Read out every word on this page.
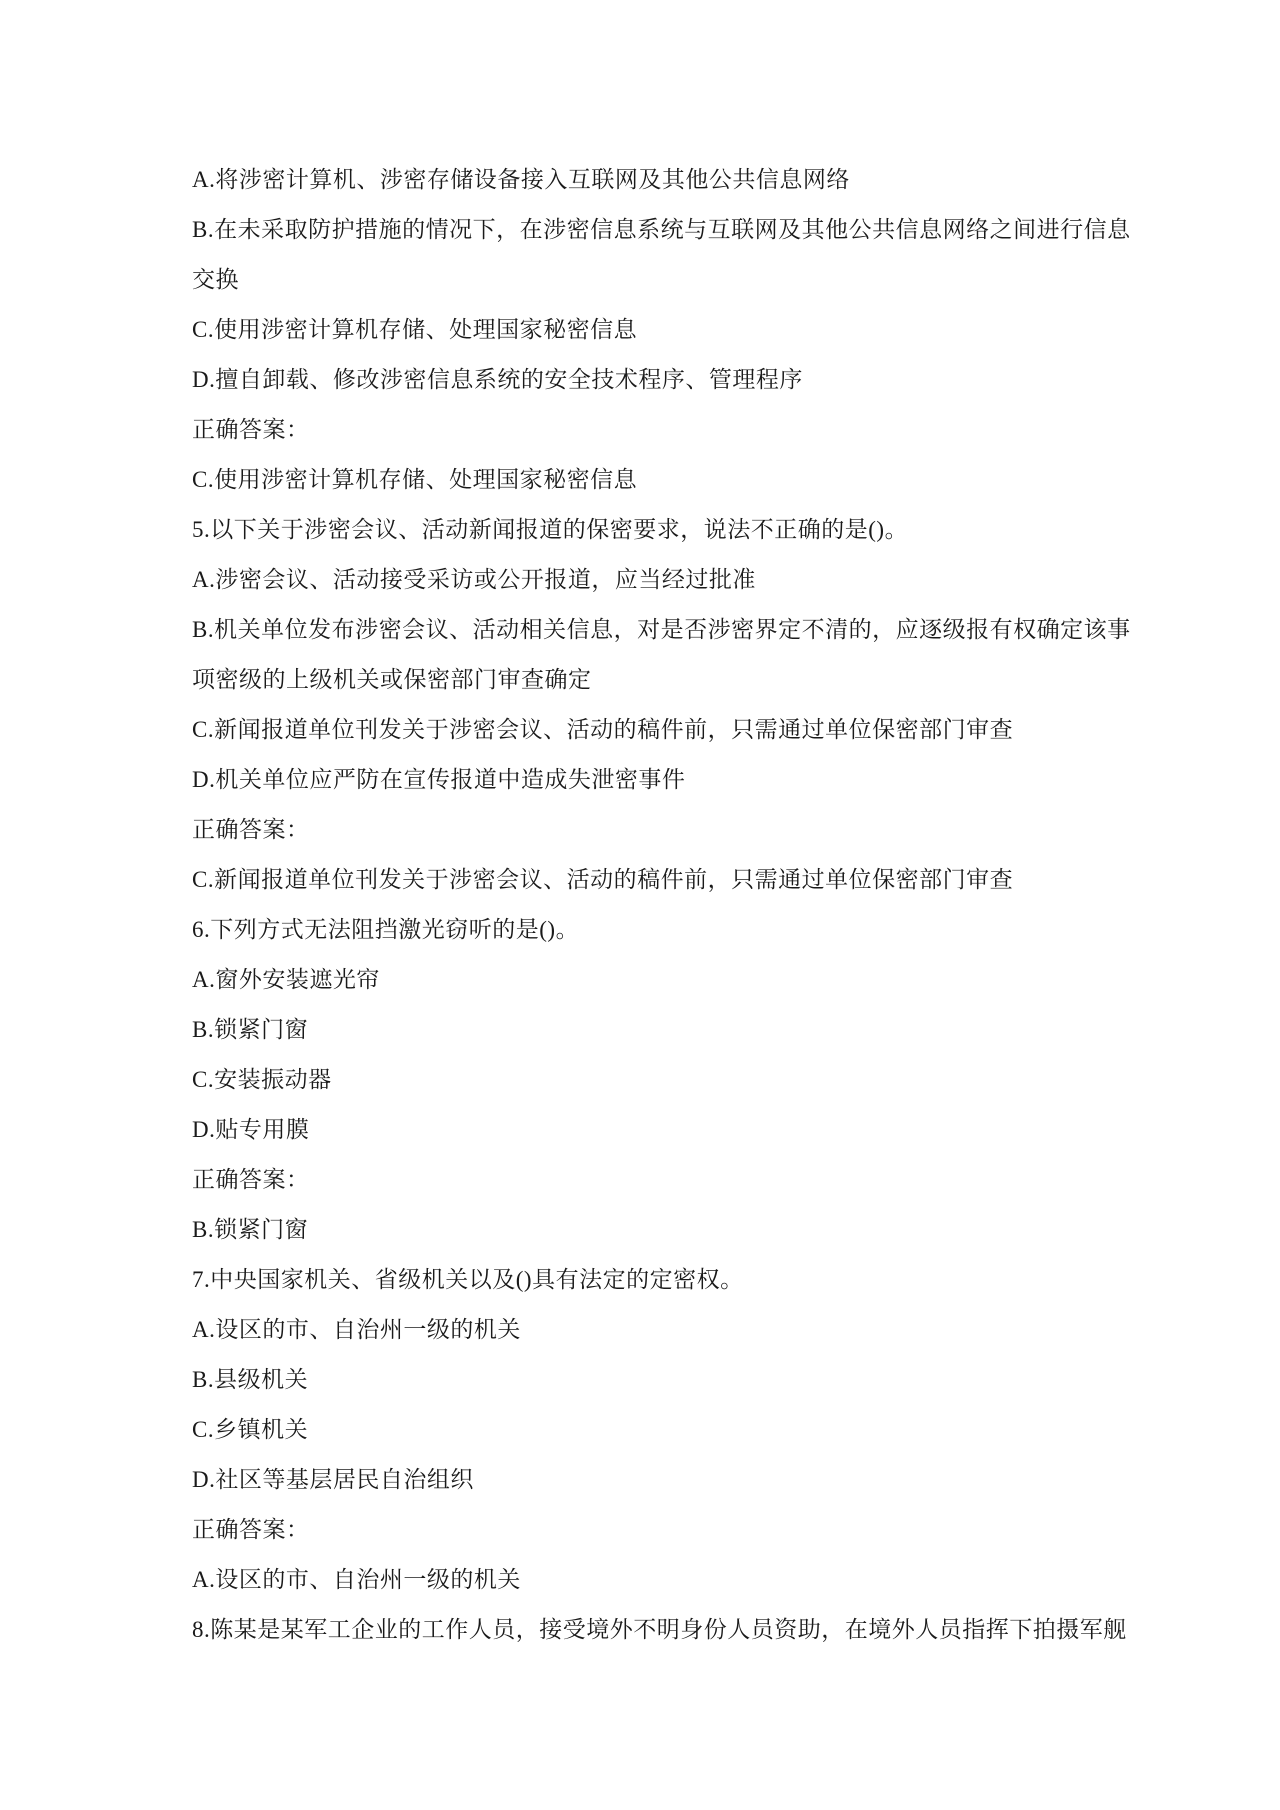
A.将涉密计算机、涉密存储设备接入互联网及其他公共信息网络
B.在未采取防护措施的情况下，在涉密信息系统与互联网及其他公共信息网络之间进行信息
交换
C.使用涉密计算机存储、处理国家秘密信息
D.擅自卸载、修改涉密信息系统的安全技术程序、管理程序
正确答案：
C.使用涉密计算机存储、处理国家秘密信息
5.以下关于涉密会议、活动新闻报道的保密要求，说法不正确的是()。
A.涉密会议、活动接受采访或公开报道，应当经过批准
B.机关单位发布涉密会议、活动相关信息，对是否涉密界定不清的，应逐级报有权确定该事
项密级的上级机关或保密部门审查确定
C.新闻报道单位刊发关于涉密会议、活动的稿件前，只需通过单位保密部门审查
D.机关单位应严防在宣传报道中造成失泄密事件
正确答案：
C.新闻报道单位刊发关于涉密会议、活动的稿件前，只需通过单位保密部门审查
6.下列方式无法阻挡激光窃听的是()。
A.窗外安装遮光帘
B.锁紧门窗
C.安装振动器
D.贴专用膜
正确答案：
B.锁紧门窗
7.中央国家机关、省级机关以及()具有法定的定密权。
A.设区的市、自治州一级的机关
B.县级机关
C.乡镇机关
D.社区等基层居民自治组织
正确答案：
A.设区的市、自治州一级的机关
8.陈某是某军工企业的工作人员，接受境外不明身份人员资助，在境外人员指挥下拍摄军舰
